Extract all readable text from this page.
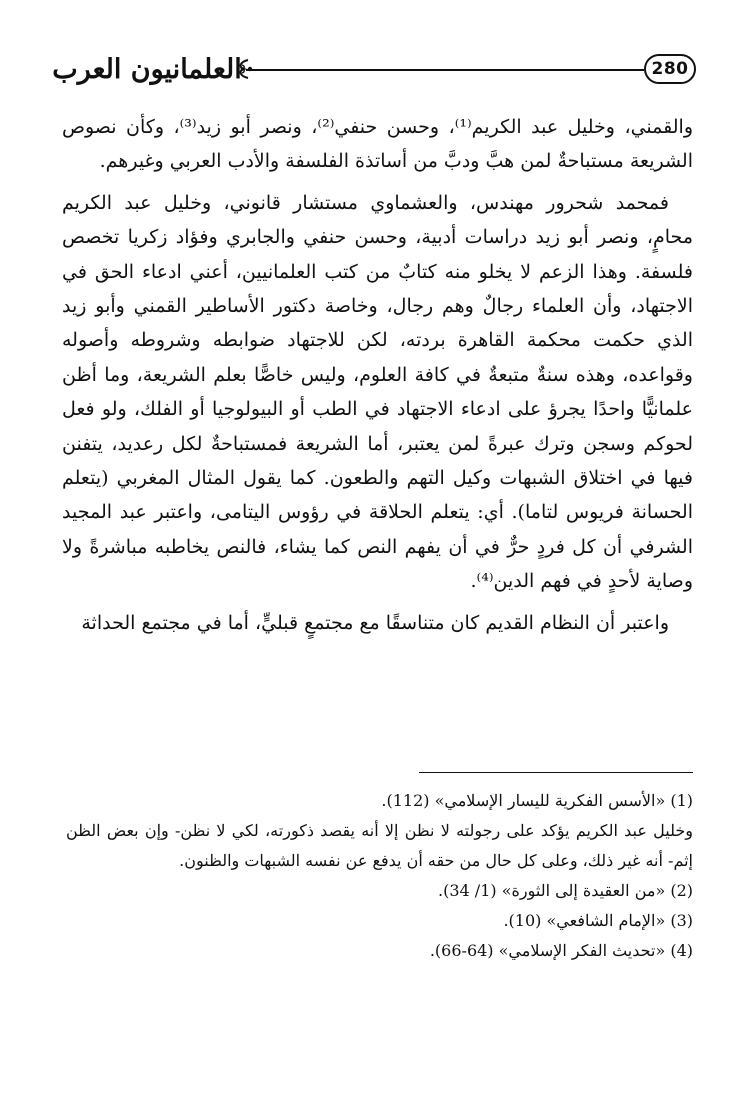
280
العلمانيون العرب

والقمني، وخليل عبد الكريم⁽¹⁾، وحسن حنفي⁽²⁾، ونصر أبو زيد⁽³⁾، وكأن نصوص الشريعة مستباحةٌ لمن هبَّ ودبَّ من أساتذة الفلسفة والأدب العربي وغيرهم.

فمحمد شحرور مهندس، والعشماوي مستشار قانوني، وخليل عبد الكريم محامٍ، ونصر أبو زيد دراسات أدبية، وحسن حنفي والجابري وفؤاد زكريا تخصص فلسفة. وهذا الزعم لا يخلو منه كتابٌ من كتب العلمانيين، أعني ادعاء الحق في الاجتهاد، وأن العلماء رجالٌ وهم رجال، وخاصة دكتور الأساطير القمني وأبو زيد الذي حكمت محكمة القاهرة بردته، لكن للاجتهاد ضوابطه وشروطه وأصوله وقواعده، وهذه سنةٌ متبعةٌ في كافة العلوم، وليس خاصًّا بعلم الشريعة، وما أظن علمانيًّا واحدًا يجرؤ على ادعاء الاجتهاد في الطب أو البيولوجيا أو الفلك، ولو فعل لحوكم وسجن وترك عبرةً لمن يعتبر، أما الشريعة فمستباحةٌ لكل رعديد، يتفنن فيها في اختلاق الشبهات وكيل التهم والطعون. كما يقول المثال المغربي (يتعلم الحسانة فريوس لتاما). أي: يتعلم الحلاقة في رؤوس اليتامى، واعتبر عبد المجيد الشرفي أن كل فردٍ حرٌّ في أن يفهم النص كما يشاء، فالنص يخاطبه مباشرةً ولا وصاية لأحدٍ في فهم الدين⁽⁴⁾.

واعتبر أن النظام القديم كان متناسقًا مع مجتمعٍ قبليٍّ، أما في مجتمع الحداثة

(1) «الأسس الفكرية لليسار الإسلامي» (112).

وخليل عبد الكريم يؤكد على رجولته لا نظن إلا أنه يقصد ذكورته، لكي لا نظن- وإن بعض الظن إثم- أنه غير ذلك، وعلى كل حال من حقه أن يدفع عن نفسه الشبهات والظنون.

(2) «من العقيدة إلى الثورة» (1/ 34).

(3) «الإمام الشافعي» (10).

(4) «تحديث الفكر الإسلامي» (64-66).
